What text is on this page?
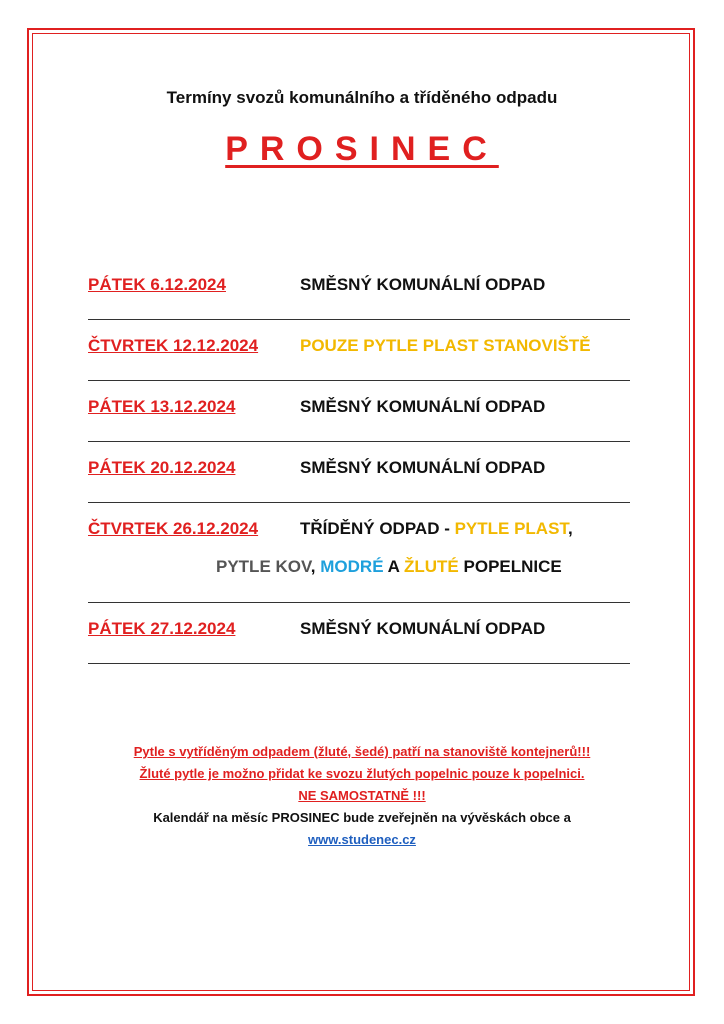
Termíny svozů komunálního a tříděného odpadu
PROSINEC
PÁTEK 6.12.2024	SMĚSNÝ KOMUNÁLNÍ ODPAD
ČTVRTEK 12.12.2024 POUZE PYTLE PLAST STANOVIŠTĚ
PÁTEK 13.12.2024	SMĚSNÝ KOMUNÁLNÍ ODPAD
PÁTEK 20.12.2024	SMĚSNÝ KOMUNÁLNÍ ODPAD
ČTVRTEK 26.12.2024 TŘÍDĚNÝ ODPAD - PYTLE PLAST,
PYTLE KOV, MODRÉ A ŽLUTÉ POPELNICE
PÁTEK 27.12.2024	SMĚSNÝ KOMUNÁLNÍ ODPAD
Pytle s vytříděným odpadem (žluté, šedé) patří na stanoviště kontejnerů!!!
Žluté pytle je možno přidat ke svozu žlutých popelnic pouze k popelnici.
NE SAMOSTATNĚ !!!
Kalendář na měsíc PROSINEC bude zveřejněn na vývěskách obce a
www.studenec.cz
